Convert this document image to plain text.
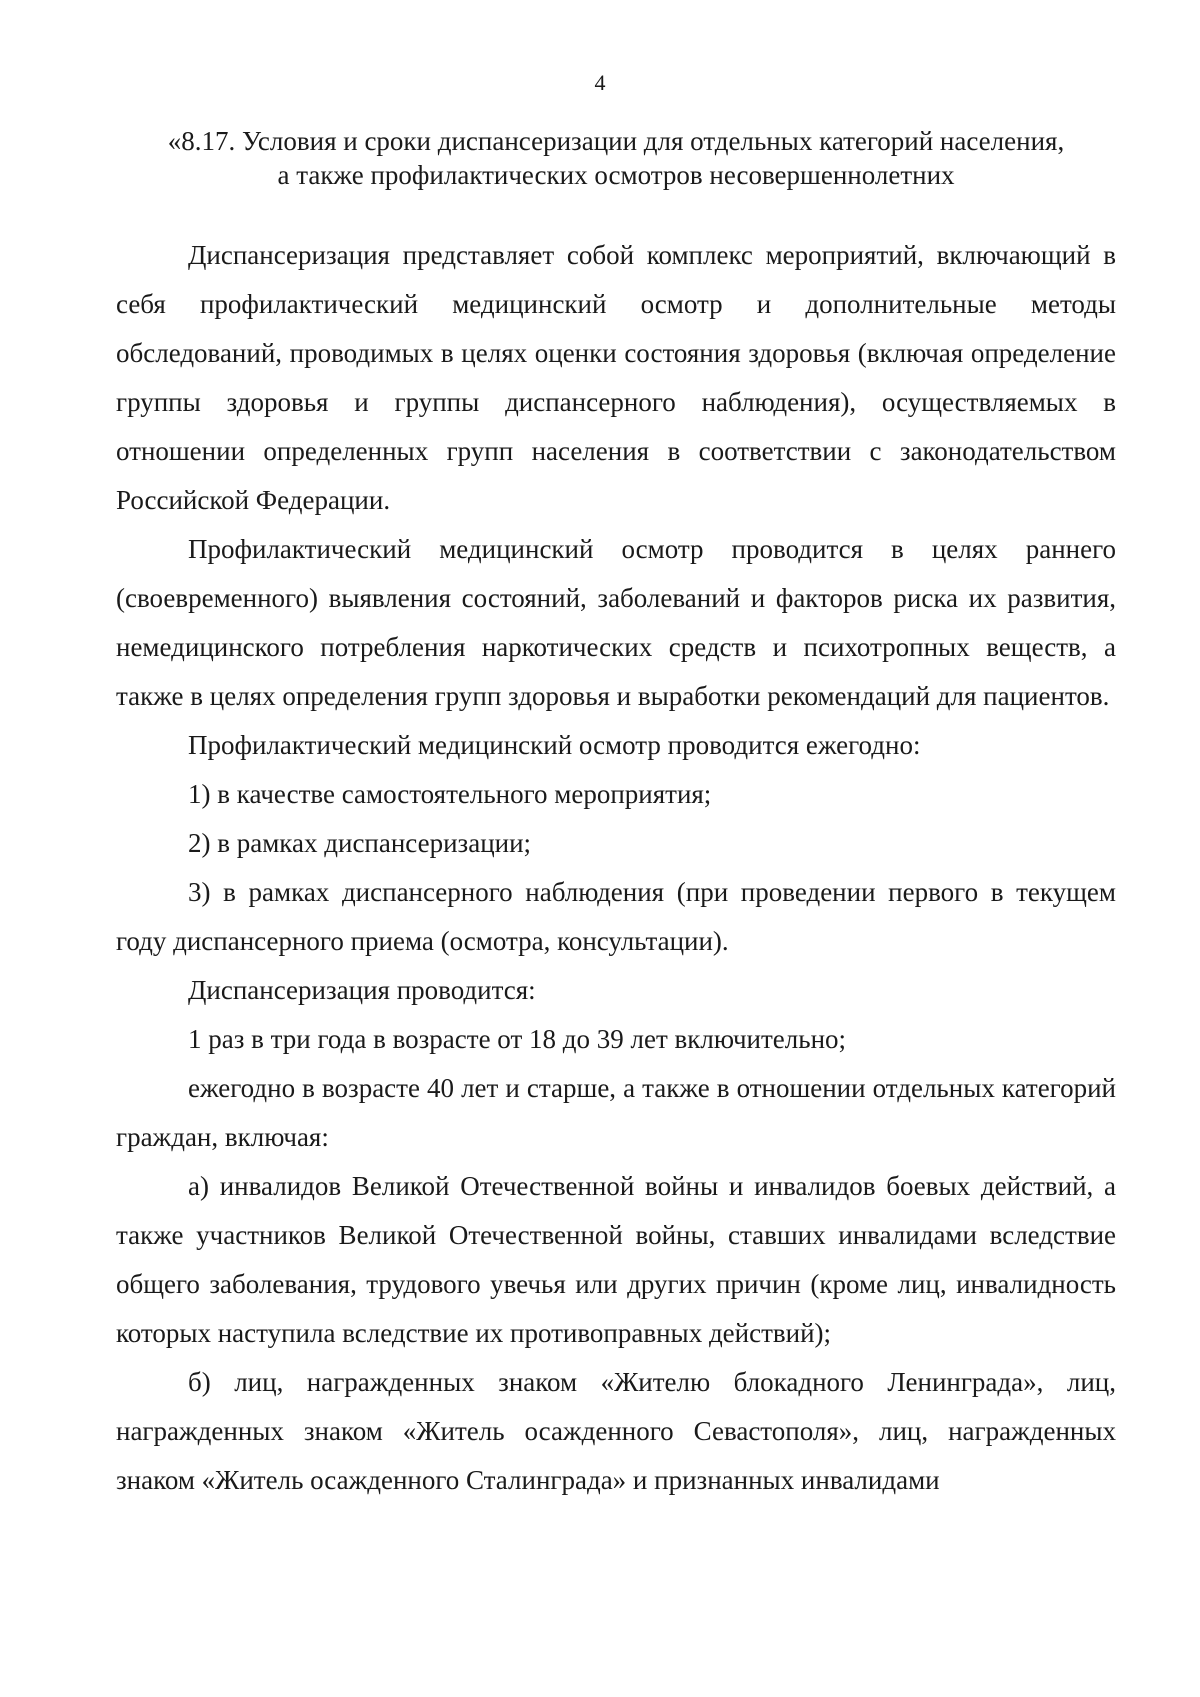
4
«8.17. Условия и сроки диспансеризации для отдельных категорий населения,
а также профилактических осмотров несовершеннолетних

Диспансеризация представляет собой комплекс мероприятий, включающий в себя профилактический медицинский осмотр и дополнительные методы обследований, проводимых в целях оценки состояния здоровья (включая определение группы здоровья и группы диспансерного наблюдения), осуществляемых в отношении определенных групп населения в соответствии с законодательством Российской Федерации.

Профилактический медицинский осмотр проводится в целях раннего (своевременного) выявления состояний, заболеваний и факторов риска их развития, немедицинского потребления наркотических средств и психотропных веществ, а также в целях определения групп здоровья и выработки рекомендаций для пациентов.

Профилактический медицинский осмотр проводится ежегодно:

1) в качестве самостоятельного мероприятия;

2) в рамках диспансеризации;

3) в рамках диспансерного наблюдения (при проведении первого в текущем году диспансерного приема (осмотра, консультации).

Диспансеризация проводится:

1 раз в три года в возрасте от 18 до 39 лет включительно;

ежегодно в возрасте 40 лет и старше, а также в отношении отдельных категорий граждан, включая:

а) инвалидов Великой Отечественной войны и инвалидов боевых действий, а также участников Великой Отечественной войны, ставших инвалидами вследствие общего заболевания, трудового увечья или других причин (кроме лиц, инвалидность которых наступила вследствие их противоправных действий);

б) лиц, награжденных знаком «Жителю блокадного Ленинграда», лиц, награжденных знаком «Житель осажденного Севастополя», лиц, награжденных знаком «Житель осажденного Сталинграда» и признанных инвалидами
